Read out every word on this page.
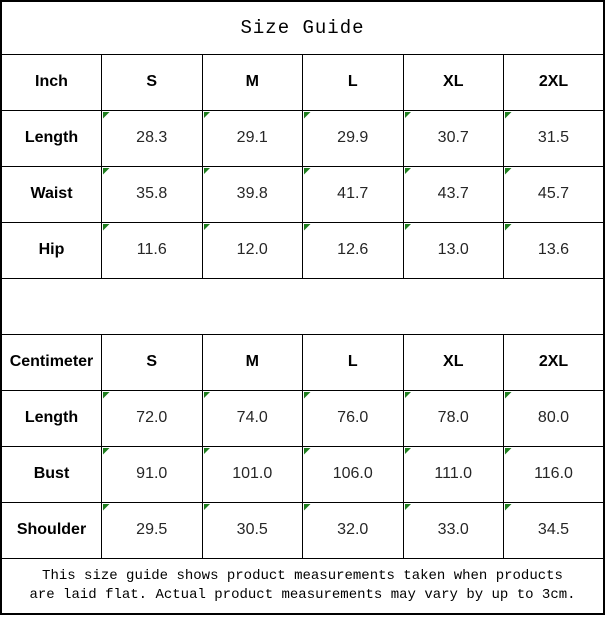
Size Guide					
Inch	S	M	L	XL	2XL
Length	28.3	29.1	29.9	30.7	31.5
Waist	35.8	39.8	41.7	43.7	45.7
Hip	11.6	12.0	12.6	13.0	13.6

Centimeter	S	M	L	XL	2XL
Length	72.0	74.0	76.0	78.0	80.0
Bust	91.0	101.0	106.0	111.0	116.0
Shoulder	29.5	30.5	32.0	33.0	34.5

This size guide shows product measurements taken when products
are laid flat. Actual product measurements may vary by up to 3cm.					
